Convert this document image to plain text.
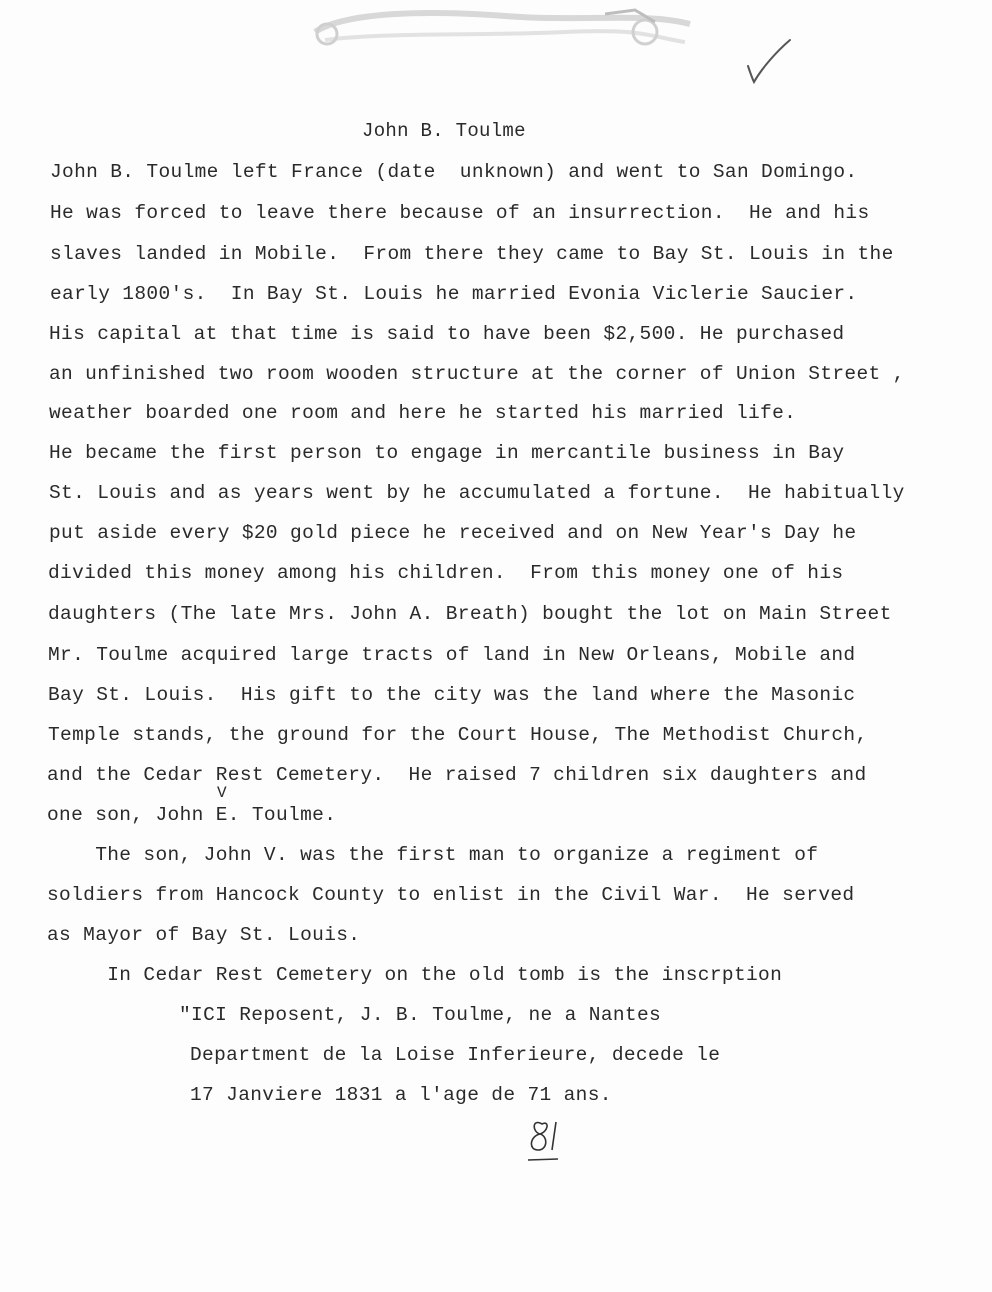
John B. Toulme
John B. Toulme left France (date  unknown) and went to San Domingo.
He was forced to leave there because of an insurrection.  He and his
slaves landed in Mobile.  From there they came to Bay St. Louis in the
early 1800's.  In Bay St. Louis he married Evonia Viclerie Saucier.
His capital at that time is said to have been $2,500. He purchased
an unfinished two room wooden structure at the corner of Union Street ,
weather boarded one room and here he started his married life.
He became the first person to engage in mercantile business in Bay
St. Louis and as years went by he accumulated a fortune.  He habitually
put aside every $20 gold piece he received and on New Year's Day he
divided this money among his children.  From this money one of his
daughters (The late Mrs. John A. Breath) bought the lot on Main Street
Mr. Toulme acquired large tracts of land in New Orleans, Mobile and
Bay St. Louis.  His gift to the city was the land where the Masonic
Temple stands, the ground for the Court House, The Methodist Church,
and the Cedar Rest Cemetery.  He raised 7 children six daughters and
V
one son, John E. Toulme.
The son, John V. was the first man to organize a regiment of
soldiers from Hancock County to enlist in the Civil War.  He served
as Mayor of Bay St. Louis.
In Cedar Rest Cemetery on the old tomb is the inscrption
"ICI Reposent, J. B. Toulme, ne a Nantes
Department de la Loise Inferieure, decede le
17 Janviere 1831 a l'age de 71 ans.
